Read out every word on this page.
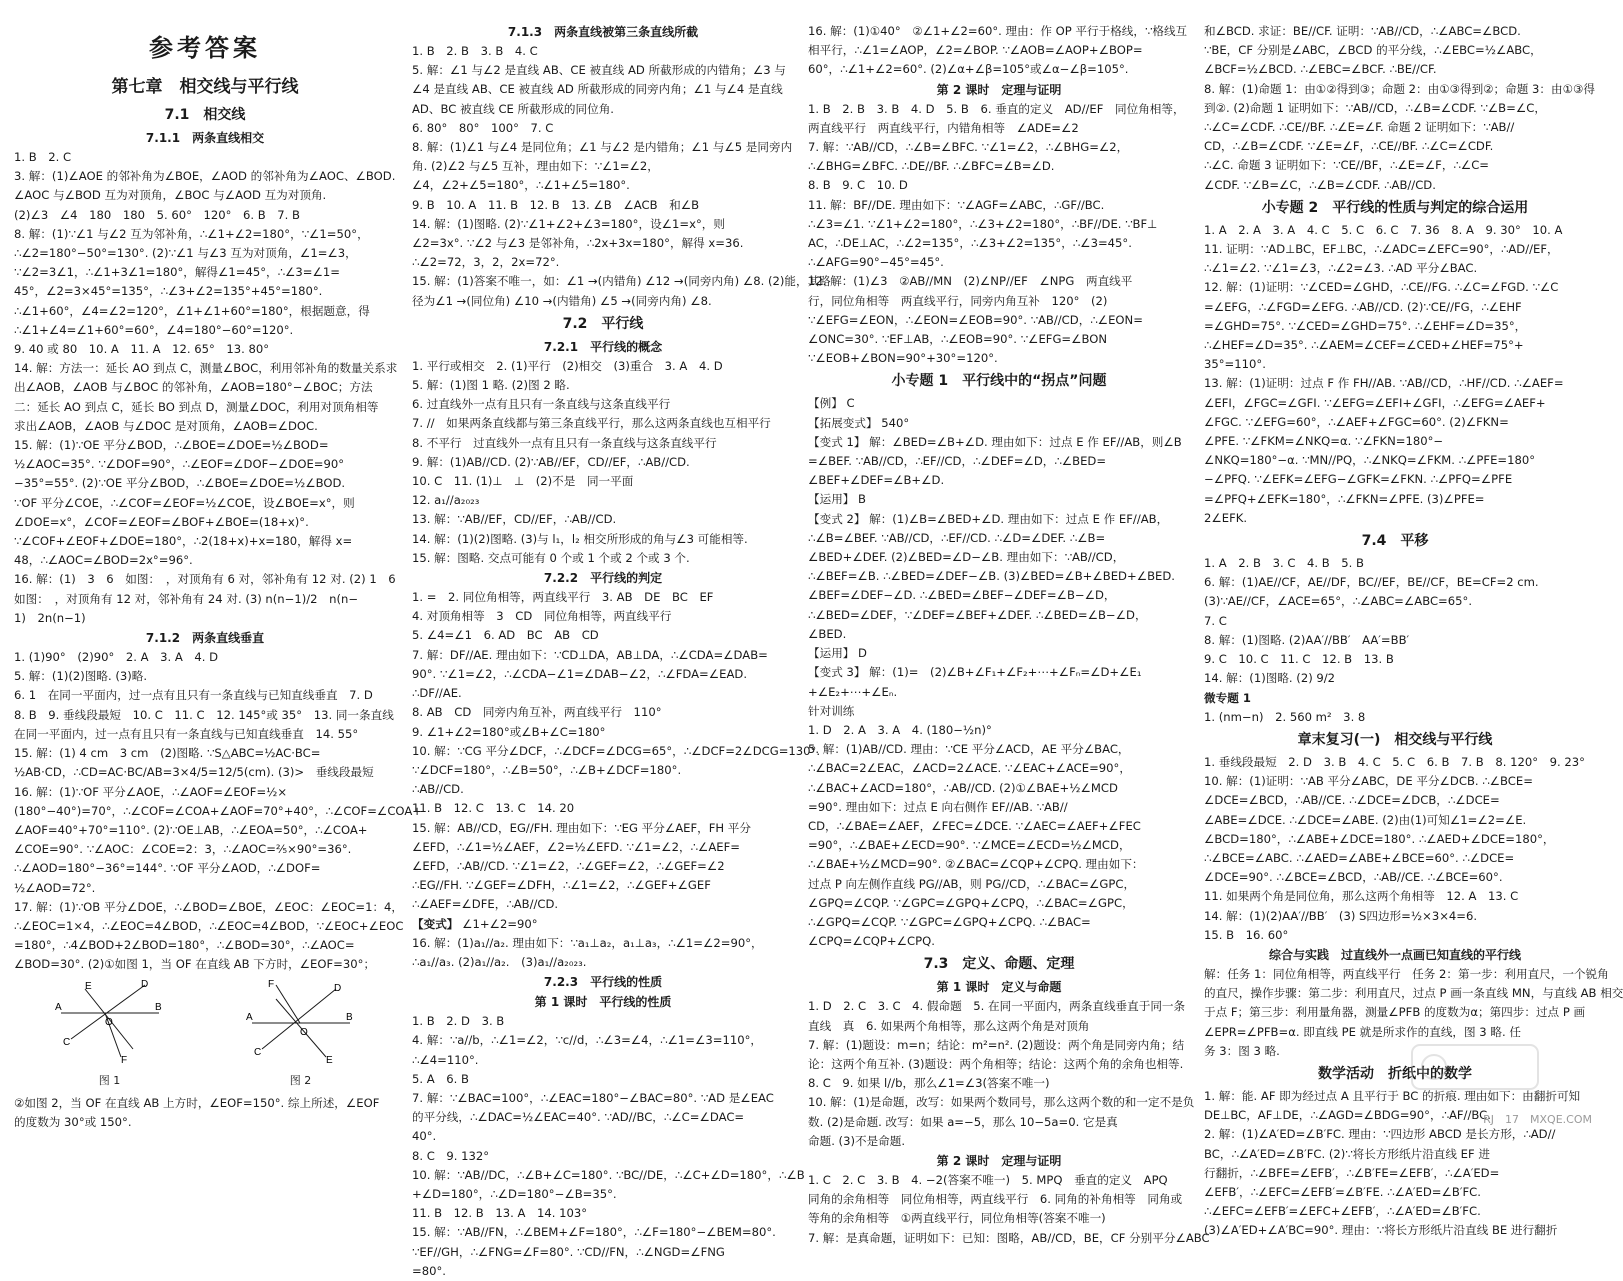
参考答案
第七章　相交线与平行线
7.1　相交线
7.1.1　两条直线相交
1. B　2. C
3. 解：(1)∠AOE 的邻补角为∠BOE，∠AOD 的邻补角为∠AOC、∠BOD.
∠AOC 与∠BOD 互为对顶角，∠BOC 与∠AOD 互为对顶角.
(2)∠3　∠4　180　180　5. 60°　120°　6. B　7. B
8. 解：(1)∵∠1 与∠2 互为邻补角，∴∠1+∠2=180°，∵∠1=50°，
∴∠2=180°−50°=130°. (2)∵∠1 与∠3 互为对顶角，∠1=∠3，
∵∠2=3∠1，∴∠1+3∠1=180°，解得∠1=45°，∴∠3=∠1=
45°，∠2=3×45°=135°，∴∠3+∠2=135°+45°=180°.
∴∠1+60°，∠4=∠2=120°，∠1+∠1+60°=180°，根据题意，得
∴∠1+∠4=∠1+60°=60°，∠4=180°−60°=120°.
9. 40 或 80　10. A　11. A　12. 65°　13. 80°
14. 解：方法一：延长 AO 到点 C，测量∠BOC，利用邻补角的数量关系求
出∠AOB，∠AOB 与∠BOC 的邻补角，∠AOB=180°−∠BOC；方法
二：延长 AO 到点 C，延长 BO 到点 D，测量∠DOC，利用对顶角相等
求出∠AOB，∠AOB 与∠DOC 是对顶角，∠AOB=∠DOC.
15. 解：(1)∵OE 平分∠BOD，∴∠BOE=∠DOE=½∠BOD=
½∠AOC=35°. ∵∠DOF=90°，∴∠EOF=∠DOF−∠DOE=90°
−35°=55°. (2)∵OE 平分∠BOD，∴∠BOE=∠DOE=½∠BOD.
∵OF 平分∠COE，∴∠COF=∠EOF=½∠COE，设∠BOE=x°，则
∠DOE=x°，∠COF=∠EOF=∠BOF+∠BOE=(18+x)°.
∵∠COF+∠EOF+∠DOE=180°，∴2(18+x)+x=180，解得 x=
48，∴∠AOC=∠BOD=2x°=96°.
16. 解：(1)　3　6　如图：　，对顶角有 6 对，邻补角有 12 对. (2) 1　6
如图：　，对顶角有 12 对，邻补角有 24 对. (3) n(n−1)/2　n(n−
1)　2n(n−1)
7.1.2　两条直线垂直
1. (1)90°　(2)90°　2. A　3. A　4. D
5. 解：(1)(2)图略. (3)略.
6. 1　在同一平面内，过一点有且只有一条直线与已知直线垂直　7. D
8. B　9. 垂线段最短　10. C　11. C　12. 145°或 35°　13. 同一条直线
在同一平面内，过一点有且只有一条直线与已知直线垂直　14. 55°
15. 解：(1) 4 cm　3 cm　(2)图略. ∵S△ABC=½AC·BC=
½AB·CD，∴CD=AC·BC/AB=3×4/5=12/5(cm). (3)>　垂线段最短
16. 解：(1)∵OF 平分∠AOE，∴∠AOF=∠EOF=½×
(180°−40°)=70°，∴∠COF=∠COA+∠AOF=70°+40°，∴∠COF=∠COA+
∠AOF=40°+70°=110°. (2)∵OE⊥AB，∴∠EOA=50°，∴∠COA+
∠COE=90°. ∵∠AOC：∠COE=2：3，∴∠AOC=⅖×90°=36°.
∴∠AOD=180°−36°=144°. ∵OF 平分∠AOD，∴∠DOF=
½∠AOD=72°.
17. 解：(1)∵OB 平分∠DOE，∴∠BOD=∠BOE，∠EOC：∠EOC=1：4，
∴∠EOC=1×4，∴∠EOC=4∠BOD，∴∠EOC=4∠BOD，∵∠EOC+∠EOC
=180°，∴4∠BOD+2∠BOD=180°，∴∠BOD=30°，∴∠AOC=
∠BOD=30°. (2)①如图 1，当 OF 在直线 AB 下方时，∠EOF=30°；
A	B
D
C
E
F
O
图 1
A	B
D
C
F
E
O
图 2
②如图 2，当 OF 在直线 AB 上方时，∠EOF=150°. 综上所述，∠EOF
的度数为 30°或 150°.
7.1.3　两条直线被第三条直线所截
1. B　2. B　3. B　4. C
5. 解：∠1 与∠2 是直线 AB、CE 被直线 AD 所截形成的内错角；∠3 与
∠4 是直线 AB、CE 被直线 AD 所截形成的同旁内角；∠1 与∠4 是直线
AD、BC 被直线 CE 所截形成的同位角.
6. 80°　80°　100°　7. C
8. 解：(1)∠1 与∠4 是同位角；∠1 与∠2 是内错角；∠1 与∠5 是同旁内
角. (2)∠2 与∠5 互补，理由如下：∵∠1=∠2，
∠4，∠2+∠5=180°，∴∠1+∠5=180°.
9. B　10. A　11. B　12. B　13. ∠B　∠ACB　和∠B
14. 解：(1)图略. (2)∵∠1+∠2+∠3=180°，设∠1=x°，则
∠2=3x°. ∵∠2 与∠3 是邻补角，∴2x+3x=180°，解得 x=36.
∴∠2=72，3，2，2x=72°.
15. 解：(1)答案不唯一，如：∠1 →(内错角) ∠12 →(同旁内角) ∠8. (2)能，其路
径为∠1 →(同位角) ∠10 →(内错角) ∠5 →(同旁内角) ∠8.
7.2　平行线
7.2.1　平行线的概念
1. 平行或相交　2. (1)平行　(2)相交　(3)重合　3. A　4. D
5. 解：(1)图 1 略. (2)图 2 略.
6. 过直线外一点有且只有一条直线与这条直线平行
7. //　如果两条直线都与第三条直线平行，那么这两条直线也互相平行
8. 不平行　过直线外一点有且只有一条直线与这条直线平行
9. 解：(1)AB//CD. (2)∵AB//EF，CD//EF，∴AB//CD.
10. C　11. (1)⊥　⊥　(2)不是　同一平面
12. a₁//a₂₀₂₃
13. 解：∵AB//EF，CD//EF，∴AB//CD.
14. 解：(1)(2)图略. (3)与 l₁，l₂ 相交所形成的角与∠3 可能相等.
15. 解：图略. 交点可能有 0 个或 1 个或 2 个或 3 个.
7.2.2　平行线的判定
1. =　2. 同位角相等，两直线平行　3. AB　DE　BC　EF
4. 对顶角相等　3　CD　同位角相等，两直线平行
5. ∠4=∠1　6. AD　BC　AB　CD
7. 解：DF//AE. 理由如下：∵CD⊥DA，AB⊥DA，∴∠CDA=∠DAB=
90°. ∵∠1=∠2，∴∠CDA−∠1=∠DAB−∠2，∴∠FDA=∠EAD.
∴DF//AE.
8. AB　CD　同旁内角互补，两直线平行　110°
9. ∠1+∠2=180°或∠B+∠C=180°
10. 解：∵CG 平分∠DCF，∴∠DCF=∠DCG=65°，∴∠DCF=2∠DCG=130°.
∵∠DCF=180°，∴∠B=50°，∴∠B+∠DCF=180°.
∴AB//CD.
11. B　12. C　13. C　14. 20
15. 解：AB//CD，EG//FH. 理由如下：∵EG 平分∠AEF，FH 平分
∠EFD，∴∠1=½∠AEF，∠2=½∠EFD. ∵∠1=∠2，∴∠AEF=
∠EFD，∴AB//CD. ∵∠1=∠2，∴∠GEF=∠2，∴∠GEF=∠2
∴EG//FH. ∵∠GEF=∠DFH，∴∠1=∠2，∴∠GEF+∠GEF
∴∠AEF=∠DFE，∴AB//CD.
【变式】 ∠1+∠2=90°
16. 解：(1)a₁//a₂. 理由如下：∵a₁⊥a₂，a₁⊥a₃，∴∠1=∠2=90°，
∴a₁//a₃. (2)a₁//a₂.　(3)a₁//a₂₀₂₃.
7.2.3　平行线的性质
第 1 课时　平行线的性质
1. B　2. D　3. B
4. 解：∵a//b，∴∠1=∠2，∵c//d，∴∠3=∠4，∴∠1=∠3=110°，
∴∠4=110°.
5. A　6. B
7. 解：∵∠BAC=100°，∴∠EAC=180°−∠BAC=80°. ∵AD 是∠EAC
的平分线，∴∠DAC=½∠EAC=40°. ∵AD//BC，∴∠C=∠DAC=
40°.
8. C　9. 132°
10. 解：∵AB//DC，∴∠B+∠C=180°. ∵BC//DE，∴∠C+∠D=180°，∴∠B
+∠D=180°，∴∠D=180°−∠B=35°.
11. B　12. B　13. A　14. 103°
15. 解：∵AB//FN，∴∠BEM+∠F=180°，∴∠F=180°−∠BEM=80°.
∵EF//GH，∴∠FNG=∠F=80°. ∵CD//FN，∴∠NGD=∠FNG
=80°.
16. 解：(1)①40°　②∠1+∠2=60°. 理由：作 OP 平行于格线，∵格线互
相平行，∴∠1=∠AOP，∠2=∠BOP. ∵∠AOB=∠AOP+∠BOP=
60°，∴∠1+∠2=60°. (2)∠α+∠β=105°或∠α−∠β=105°.
第 2 课时　定理与证明
1. B　2. B　3. B　4. D　5. B　6. 垂直的定义　AD//EF　同位角相等，
两直线平行　两直线平行，内错角相等　∠ADE=∠2
7. 解：∵AB//CD，∴∠B=∠BFC. ∵∠1=∠2，∴∠BHG=∠2，
∴∠BHG=∠BFC. ∴DE//BF. ∴∠BFC=∠B=∠D.
8. B　9. C　10. D
11. 解：BF//DE. 理由如下：∵∠AGF=∠ABC，∴GF//BC.
∴∠3=∠1. ∵∠1+∠2=180°，∴∠3+∠2=180°，∴BF//DE. ∵BF⊥
AC，∴DE⊥AC，∴∠2=135°，∴∠3+∠2=135°，∴∠3=45°.
∴∠AFG=90°−45°=45°.
12. 解：(1)∠3　②AB//MN　(2)∠NP//EF　∠NPG　两直线平
行，同位角相等　两直线平行，同旁内角互补　120°　(2)
∵∠EFG=∠EON，∴∠EON=∠EOB=90°. ∵AB//CD，∴∠EON=
∠ONC=30°. ∵EF⊥AB，∴∠EOB=90°. ∵∠EFG=∠BON
∵∠EOB+∠BON=90°+30°=120°.
小专题 1　平行线中的“拐点”问题
【例】 C
【拓展变式】 540°
【变式 1】 解：∠BED=∠B+∠D. 理由如下：过点 E 作 EF//AB，则∠B
=∠BEF. ∵AB//CD，∴EF//CD，∴∠DEF=∠D，∴∠BED=
∠BEF+∠DEF=∠B+∠D.
【运用】 B
【变式 2】 解：(1)∠B=∠BED+∠D. 理由如下：过点 E 作 EF//AB，
∴∠B=∠BEF. ∵AB//CD，∴EF//CD. ∴∠D=∠DEF. ∴∠B=
∠BED+∠DEF. (2)∠BED=∠D−∠B. 理由如下：∵AB//CD，
∴∠BEF=∠B. ∴∠BED=∠DEF−∠B. (3)∠BED=∠B+∠BED+∠BED.
∠BEF=∠DEF−∠D. ∴∠BED=∠BEF−∠DEF=∠B−∠D，
∴∠BED=∠DEF，∵∠DEF=∠BEF+∠DEF. ∴∠BED=∠B−∠D，
∠BED.
【运用】 D
【变式 3】 解：(1)=　(2)∠B+∠F₁+∠F₂+⋯+∠Fₙ=∠D+∠E₁
+∠E₂+⋯+∠Eₙ.
针对训练
1. D　2. A　3. A　4. (180−½n)°
5. 解：(1)AB//CD. 理由：∵CE 平分∠ACD，AE 平分∠BAC，
∴∠BAC=2∠EAC，∠ACD=2∠ACE. ∵∠EAC+∠ACE=90°，
∴∠BAC+∠ACD=180°，∴AB//CD. (2)①∠BAE+½∠MCD
=90°. 理由如下：过点 E 向右侧作 EF//AB. ∵AB//
CD，∴∠BAE=∠AEF，∠FEC=∠DCE. ∵∠AEC=∠AEF+∠FEC
=90°，∴∠BAE+∠ECD=90°. ∵∠MCE=∠ECD=½∠MCD，
∴∠BAE+½∠MCD=90°. ②∠BAC=∠CQP+∠CPQ. 理由如下：
过点 P 向左侧作直线 PG//AB，则 PG//CD，∴∠BAC=∠GPC，
∠GPQ=∠CQP. ∵∠GPC=∠GPQ+∠CPQ，∴∠BAC=∠GPC，
∴∠GPQ=∠CQP. ∵∠GPC=∠GPQ+∠CPQ. ∴∠BAC=
∠CPQ=∠CQP+∠CPQ.
7.3　定义、命题、定理
第 1 课时　定义与命题
1. D　2. C　3. C　4. 假命题　5. 在同一平面内，两条直线垂直于同一条
直线　真　6. 如果两个角相等，那么这两个角是对顶角
7. 解：(1)题设：m=n；结论：m²=n². (2)题设：两个角是同旁内角；结
论：这两个角互补. (3)题设：两个角相等；结论：这两个角的余角也相等.
8. C　9. 如果 l//b，那么∠1=∠3(答案不唯一)
10. 解：(1)是命题，改写：如果两个数同号，那么这两个数的和一定不是负
数. (2)是命题. 改写：如果 a=−5，那么 10−5a=0. 它是真
命题. (3)不是命题.
第 2 课时　定理与证明
1. C　2. C　3. B　4. −2(答案不唯一)　5. MPQ　垂直的定义　APQ
同角的余角相等　同位角相等，两直线平行　6. 同角的补角相等　同角或
等角的余角相等　①两直线平行，同位角相等(答案不唯一)
7. 解：是真命题，证明如下：已知：图略，AB//CD，BE，CF 分别平分∠ABC
和∠BCD. 求证：BE//CF. 证明：∵AB//CD，∴∠ABC=∠BCD.
∵BE，CF 分别是∠ABC，∠BCD 的平分线，∴∠EBC=½∠ABC，
∠BCF=½∠BCD. ∴∠EBC=∠BCF. ∴BE//CF.
8. 解：(1)命题 1：由①②得到③；命题 2：由①③得到②；命题 3：由①③得
到②. (2)命题 1 证明如下：∵AB//CD，∴∠B=∠CDF. ∵∠B=∠C，
∴∠C=∠CDF. ∴CE//BF. ∴∠E=∠F. 命题 2 证明如下：∵AB//
CD，∴∠B=∠CDF. ∵∠E=∠F，∴CE//BF. ∴∠C=∠CDF.
∴∠C. 命题 3 证明如下：∵CE//BF，∴∠E=∠F，∴∠C=
∠CDF. ∵∠B=∠C，∴∠B=∠CDF. ∴AB//CD.
小专题 2　平行线的性质与判定的综合运用
1. A　2. A　3. A　4. C　5. C　6. C　7. 36　8. A　9. 30°　10. A
11. 证明：∵AD⊥BC，EF⊥BC，∴∠ADC=∠EFC=90°，∴AD//EF，
∴∠1=∠2. ∵∠1=∠3，∴∠2=∠3. ∴AD 平分∠BAC.
12. 解：(1)证明：∵∠CED=∠GHD，∴CE//FG. ∴∠C=∠FGD. ∵∠C
=∠EFG，∴∠FGD=∠EFG. ∴AB//CD. (2)∵CE//FG，∴∠EHF
=∠GHD=75°. ∵∠CED=∠GHD=75°. ∴∠EHF=∠D=35°，
∴∠HEF=∠D=35°. ∴∠AEM=∠CEF=∠CED+∠HEF=75°+
35°=110°.
13. 解：(1)证明：过点 F 作 FH//AB. ∵AB//CD，∴HF//CD. ∴∠AEF=
∠EFI，∠FGC=∠GFI. ∵∠EFG=∠EFI+∠GFI，∴∠EFG=∠AEF+
∠FGC. ∵∠EFG=60°，∴∠AEF+∠FGC=60°. (2)∠FKN=
∠PFE. ∵∠FKM=∠NKQ=α. ∵∠FKN=180°−
∠NKQ=180°−α. ∵MN//PQ，∴∠NKQ=∠FKM. ∴∠PFE=180°
−∠PFQ. ∵∠EFK=∠EFG−∠GFK=∠FKN. ∴∠PFQ=∠PFE
=∠PFQ+∠EFK=180°，∴∠FKN=∠PFE. (3)∠PFE=
2∠EFK.
7.4　平移
1. A　2. B　3. C　4. B　5. B
6. 解：(1)AE//CF，AE//DF，BC//EF，BE//CF，BE=CF=2 cm.
(3)∵AE//CF，∠ACE=65°，∴∠ABC=∠ABC=65°.
7. C
8. 解：(1)图略. (2)AA′//BB′　AA′=BB′
9. C　10. C　11. C　12. B　13. B
14. 解：(1)图略. (2) 9/2
微专题 1
1. (nm−n)　2. 560 m²　3. 8
章末复习(一)　相交线与平行线
1. 垂线段最短　2. D　3. B　4. C　5. C　6. B　7. B　8. 120°　9. 23°
10. 解：(1)证明：∵AB 平分∠ABC，DE 平分∠DCB. ∴∠BCE=
∠DCE=∠BCD，∴AB//CE. ∴∠DCE=∠DCB，∴∠DCE=
∠ABE=∠DCE. ∴∠DCE=∠ABE. (2)由(1)可知∠1=∠2=∠E.
∠BCD=180°，∴∠ABE+∠DCE=180°. ∴∠AED+∠DCE=180°，
∴∠BCE=∠ABC. ∴∠AED=∠ABE+∠BCE=60°. ∴∠DCE=
∠DCE=90°. ∴∠BCE=∠BCD，∴AB//CE. ∴∠BCE=60°.
11. 如果两个角是同位角，那么这两个角相等　12. A　13. C
14. 解：(1)(2)AA′//BB′　(3) S四边形=½×3×4=6.
15. B　16. 60°
综合与实践　过直线外一点画已知直线的平行线
解：任务 1：同位角相等，两直线平行　任务 2：第一步：利用直尺，一个锐角
的直尺，操作步骤：第二步：利用直尺，过点 P 画一条直线 MN，与直线 AB 相交
于点 F；第三步：利用量角器，测量∠PFB 的度数为α；第四步：过点 P 画
∠EPR=∠PFB=α. 即直线 PE 就是所求作的直线，图 3 略. 任
务 3：图 3 略.
数学活动　折纸中的数学
1. 解：能. AF 即为经过点 A 且平行于 BC 的折痕. 理由如下：由翻折可知
DE⊥BC，AF⊥DE，∴∠AGD=∠BDG=90°，∴AF//BC.
2. 解：(1)∠A′ED=∠B′FC. 理由：∵四边形 ABCD 是长方形，∴AD//
BC，∴∠A′ED=∠B′FC. (2)∵将长方形纸片沿直线 EF 进
行翻折，∴∠BFE=∠EFB′，∴∠B′FE=∠EFB′，∴∠A′ED=
∠EFB′，∴∠EFC=∠EFB′=∠B′FE. ∴∠A′ED=∠B′FC.
∴∠EFC=∠EFB′=∠EFC+∠EFB′，∴∠A′ED=∠B′FC.
(3)∠A′ED+∠A′BC=90°. 理由：∵将长方形纸片沿直线 BE 进行翻折
RJ　17　MXQE.COM
